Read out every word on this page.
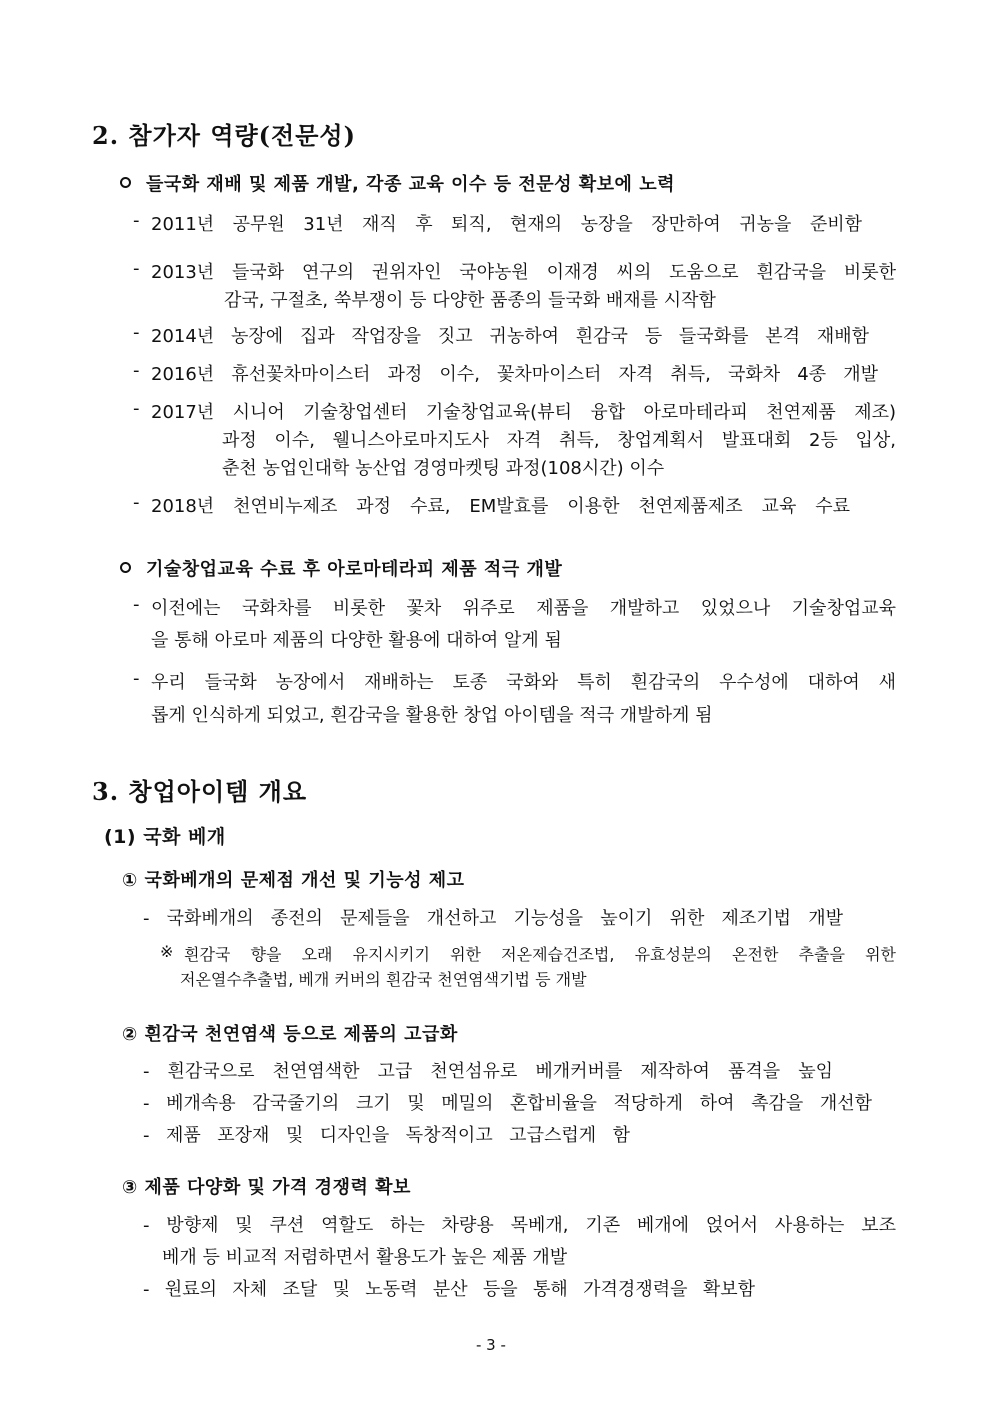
2. 참가자 역량(전문성)
들국화 재배 및 제품 개발, 각종 교육 이수 등 전문성 확보에 노력
- 2011년 공무원 31년 재직 후 퇴직, 현재의 농장을 장만하여 귀농을 준비함
- 2013년 들국화 연구의 권위자인 국야농원 이재경 씨의 도움으로 흰감국을 비롯한
감국, 구절초, 쑥부쟁이 등 다양한 품종의 들국화 배재를 시작함
- 2014년 농장에 집과 작업장을 짓고 귀농하여 흰감국 등 들국화를 본격 재배함
- 2016년 휴선꽃차마이스터 과정 이수, 꽃차마이스터 자격 취득, 국화차 4종 개발
- 2017년 시니어 기술창업센터 기술창업교육(뷰티 융합 아로마테라피 천연제품 제조)
과정 이수, 웰니스아로마지도사 자격 취득, 창업계획서 발표대회 2등 입상,
춘천 농업인대학 농산업 경영마켓팅 과정(108시간) 이수
- 2018년 천연비누제조 과정 수료, EM발효를 이용한 천연제품제조 교육 수료
기술창업교육 수료 후 아로마테라피 제품 적극 개발
- 이전에는 국화차를 비롯한 꽃차 위주로 제품을 개발하고 있었으나 기술창업교육
을 통해 아로마 제품의 다양한 활용에 대하여 알게 됨
- 우리 들국화 농장에서 재배하는 토종 국화와 특히 흰감국의 우수성에 대하여 새
롭게 인식하게 되었고, 흰감국을 활용한 창업 아이템을 적극 개발하게 됨
3. 창업아이템 개요
(1) 국화 베개
① 국화베개의 문제점 개선 및 기능성 제고
- 국화베개의 종전의 문제들을 개선하고 기능성을 높이기 위한 제조기법 개발
※ 흰감국 향을 오래 유지시키기 위한 저온제습건조법, 유효성분의 온전한 추출을 위한
저온열수추출법, 베개 커버의 흰감국 천연염색기법 등 개발
② 흰감국 천연염색 등으로 제품의 고급화
- 흰감국으로 천연염색한 고급 천연섬유로 베개커버를 제작하여 품격을 높임
- 베개속용 감국줄기의 크기 및 메밀의 혼합비율을 적당하게 하여 촉감을 개선함
- 제품 포장재 및 디자인을 독창적이고 고급스럽게 함
③ 제품 다양화 및 가격 경쟁력 확보
- 방향제 및 쿠션 역할도 하는 차량용 목베개, 기존 베개에 얹어서 사용하는 보조
베개 등 비교적 저렴하면서 활용도가 높은 제품 개발
- 원료의 자체 조달 및 노동력 분산 등을 통해 가격경쟁력을 확보함
- 3 -
